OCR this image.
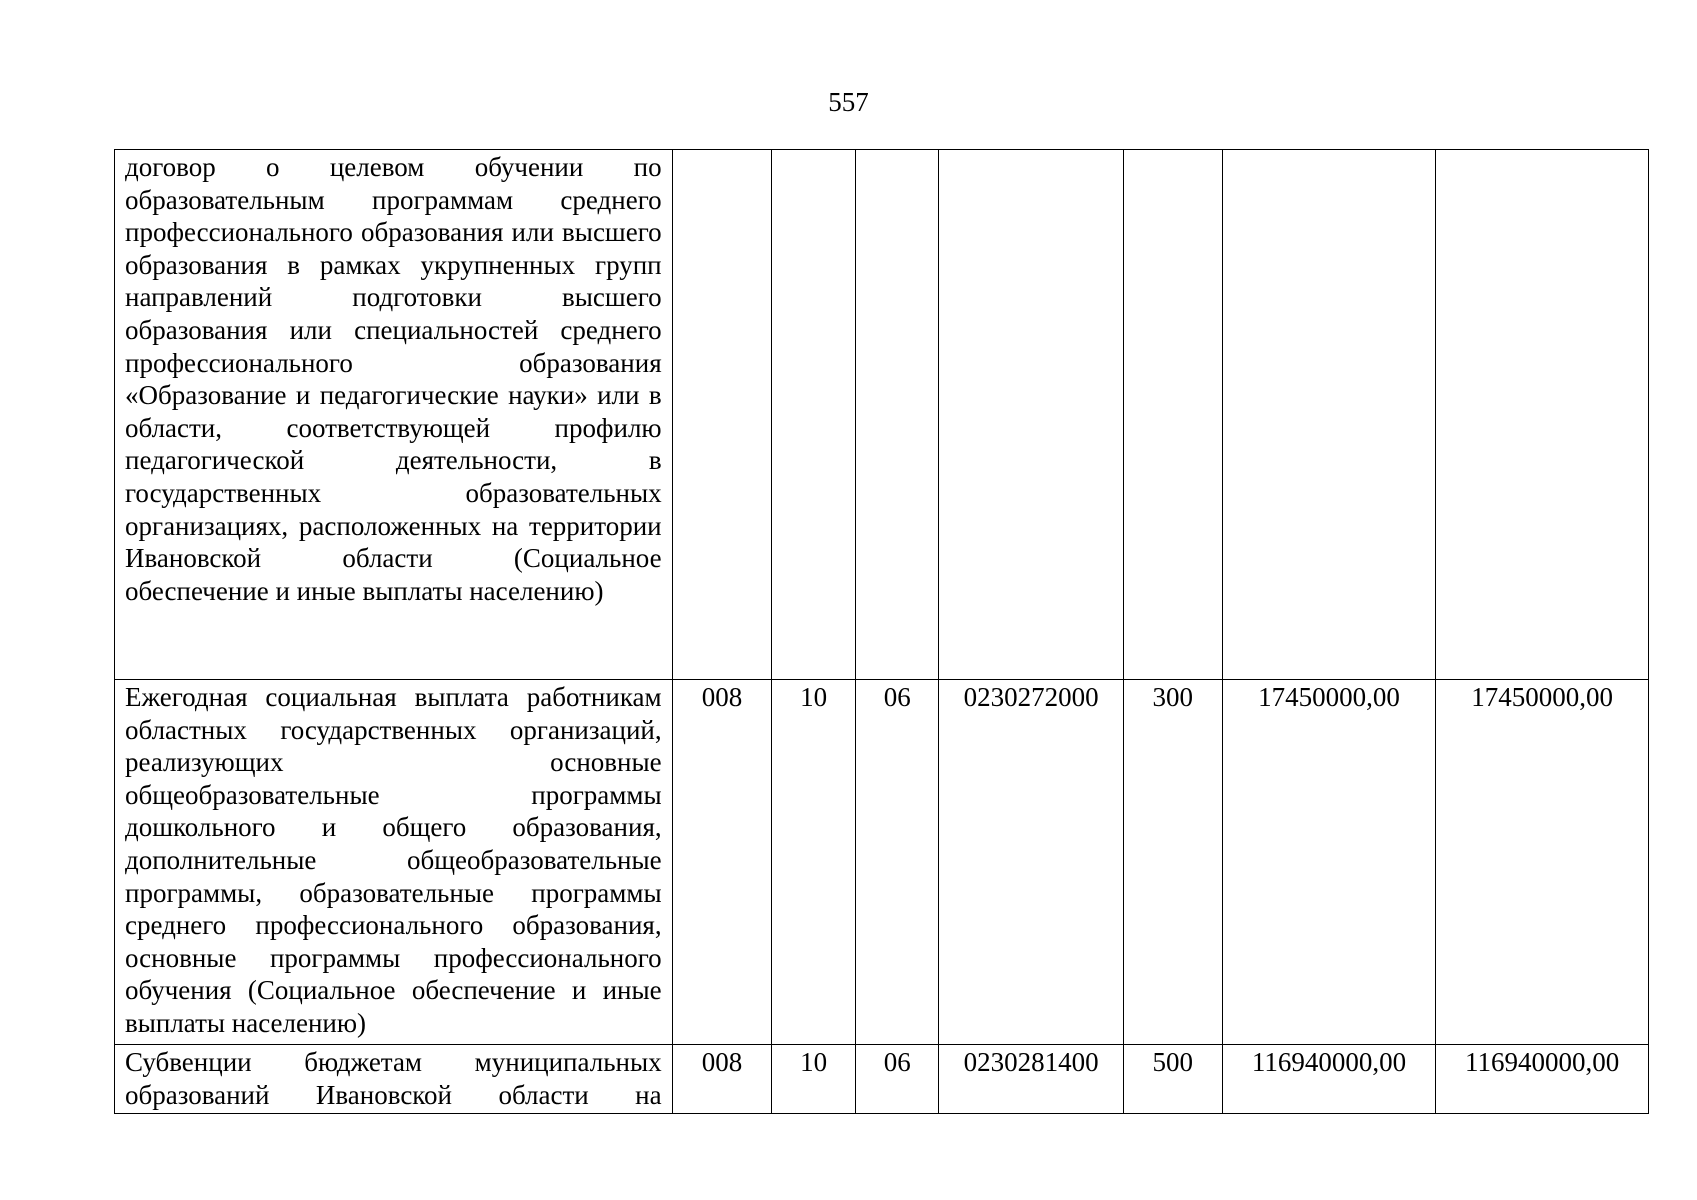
557
договор о целевом обучении по образовательным программам среднего профессионального образования или высшего образования в рамках укрупненных групп направлений подготовки высшего образования или специальностей среднего профессионального образования «Образование и педагогические науки» или в области, соответствующей профилю педагогической деятельности, в государственных образовательных организациях, расположенных на территории Ивановской области (Социальное обеспечение и иные выплаты населению)							
Ежегодная социальная выплата работникам областных государственных организаций, реализующих основные общеобразовательные программы дошкольного и общего образования, дополнительные общеобразовательные программы, образовательные программы среднего профессионального образования, основные программы профессионального обучения (Социальное обеспечение и иные выплаты населению)	008	10	06	0230272000	300	17450000,00	17450000,00
Субвенции бюджетам муниципальных образований Ивановской области на	008	10	06	0230281400	500	116940000,00	116940000,00
